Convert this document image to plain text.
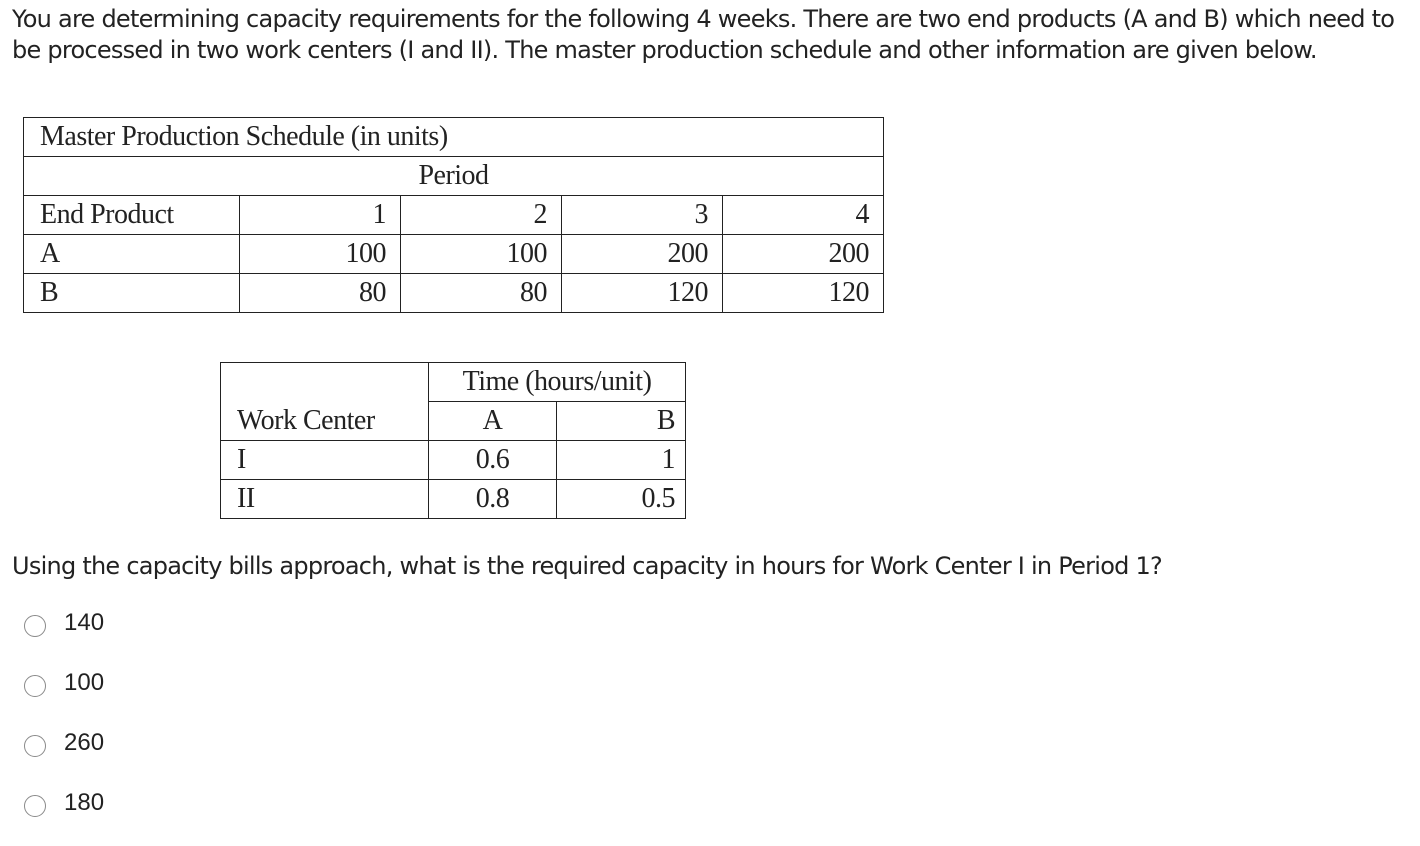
You are determining capacity requirements for the following 4 weeks. There are two end products (A and B) which need to be processed in two work centers (I and II). The master production schedule and other information are given below.

Master Production Schedule (in units)				
Period				
End Product	1	2	3	4
A	100	100	200	200
B	80	80	120	120
	Time (hours/unit)	
Work Center	A	B
I	0.6	1
II	0.8	0.5

Using the capacity bills approach, what is the required capacity in hours for Work Center I in Period 1?

140
100
260
180
